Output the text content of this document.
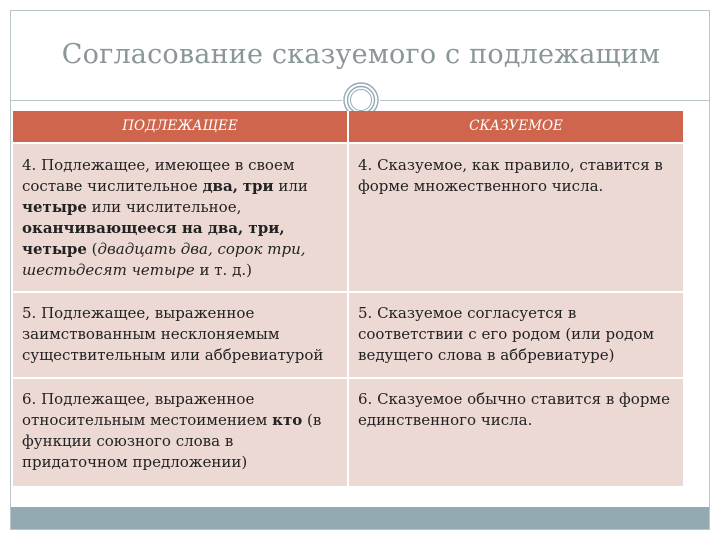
Согласование сказуемого с подлежащим
ПОДЛЕЖАЩЕЕ	СКАЗУЕМОЕ
4. Подлежащее, имеющее в своем составе числительное два, три или четыре или числительное, оканчивающееся на два, три, четыре (двадцать два, сорок три, шестьдесят четыре и т. д.)	4. Сказуемое, как правило, ставится в форме множественного числа.
5. Подлежащее, выраженное заимствованным несклоняемым существительным или аббревиатурой	5. Сказуемое согласуется в соответствии с его родом (или родом ведущего слова в аббревиатуре)
6. Подлежащее, выраженное относительным местоимением кто (в функции союзного слова в придаточном предложении)	6. Сказуемое обычно ставится в форме единственного числа.
